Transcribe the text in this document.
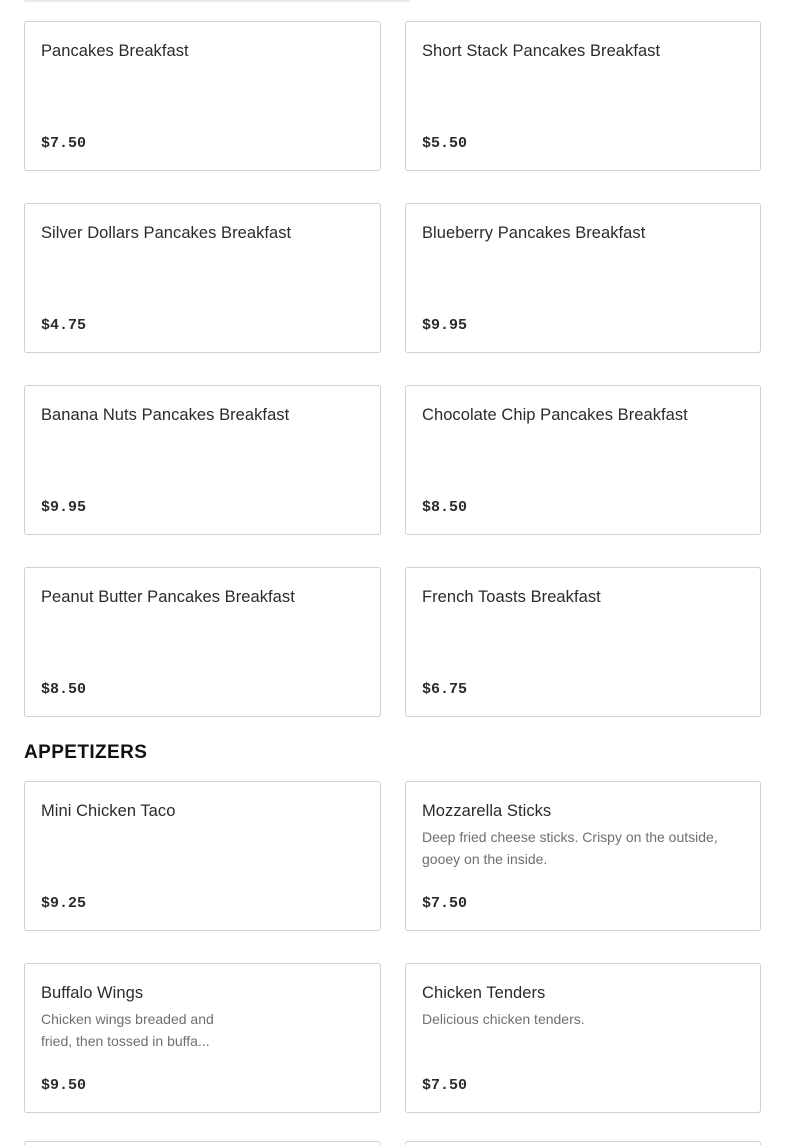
Pancakes Breakfast
$7.50
Short Stack Pancakes Breakfast
$5.50
Silver Dollars Pancakes Breakfast
$4.75
Blueberry Pancakes Breakfast
$9.95
Banana Nuts Pancakes Breakfast
$9.95
Chocolate Chip Pancakes Breakfast
$8.50
Peanut Butter Pancakes Breakfast
$8.50
French Toasts Breakfast
$6.75
APPETIZERS
Mini Chicken Taco
$9.25
Mozzarella Sticks

Deep fried cheese sticks. Crispy on the outside, gooey on the inside.

$7.50
Buffalo Wings

Chicken wings breaded and fried, then tossed in buffa...

$9.50
Chicken Tenders

Delicious chicken tenders.

$7.50
